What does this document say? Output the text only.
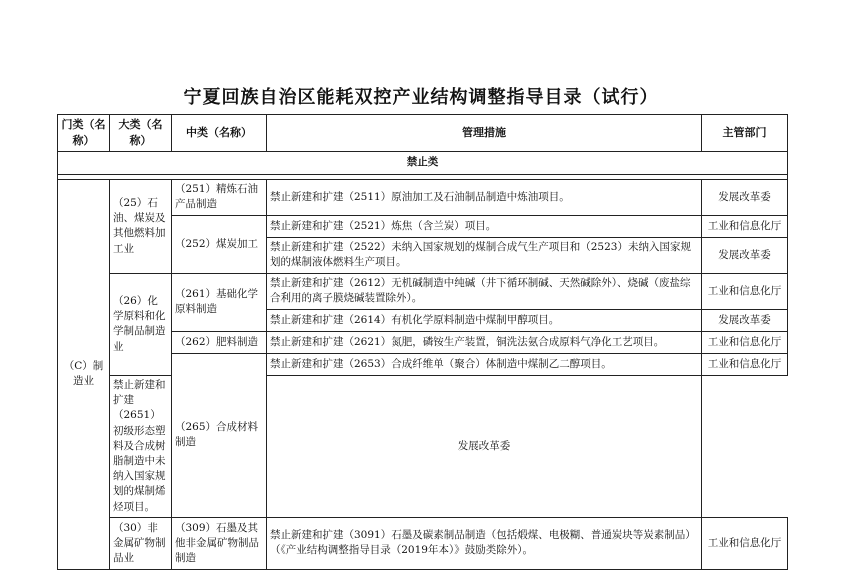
宁夏回族自治区能耗双控产业结构调整指导目录（试行）
门类（名称）	大类（名称）	中类（名称）	管理措施	主管部门
禁止类				

（C）制造业	（25）石油、煤炭及其他燃料加工业	（251）精炼石油产品制造	禁止新建和扩建（2511）原油加工及石油制品制造中炼油项目。	发展改革委
		（252）煤炭加工	禁止新建和扩建（2521）炼焦（含兰炭）项目。	工业和信息化厅
			禁止新建和扩建（2522）未纳入国家规划的煤制合成气生产项目和（2523）未纳入国家规划的煤制液体燃料生产项目。	发展改革委
	（26）化学原料和化学制品制造业	（261）基础化学原料制造	禁止新建和扩建（2612）无机碱制造中纯碱（井下循环制碱、天然碱除外）、烧碱（废盐综合利用的离子膜烧碱装置除外）。	工业和信息化厅
			禁止新建和扩建（2614）有机化学原料制造中煤制甲醇项目。	发展改革委
		（262）肥料制造	禁止新建和扩建（2621）氮肥，磷铵生产装置，铜洗法氨合成原料气净化工艺项目。	工业和信息化厅
		（265）合成材料制造	禁止新建和扩建（2653）合成纤维单（聚合）体制造中煤制乙二醇项目。	工业和信息化厅
	禁止新建和扩建（2651）初级形态塑料及合成树脂制造中未纳入国家规划的煤制烯烃项目。		发展改革委	
	（30）非金属矿物制品业	（309）石墨及其他非金属矿物制品制造	禁止新建和扩建（3091）石墨及碳素制品制造（包括煅煤、电极糊、普通炭块等炭素制品）（《产业结构调整指导目录（2019年本）》鼓励类除外）。	工业和信息化厅
